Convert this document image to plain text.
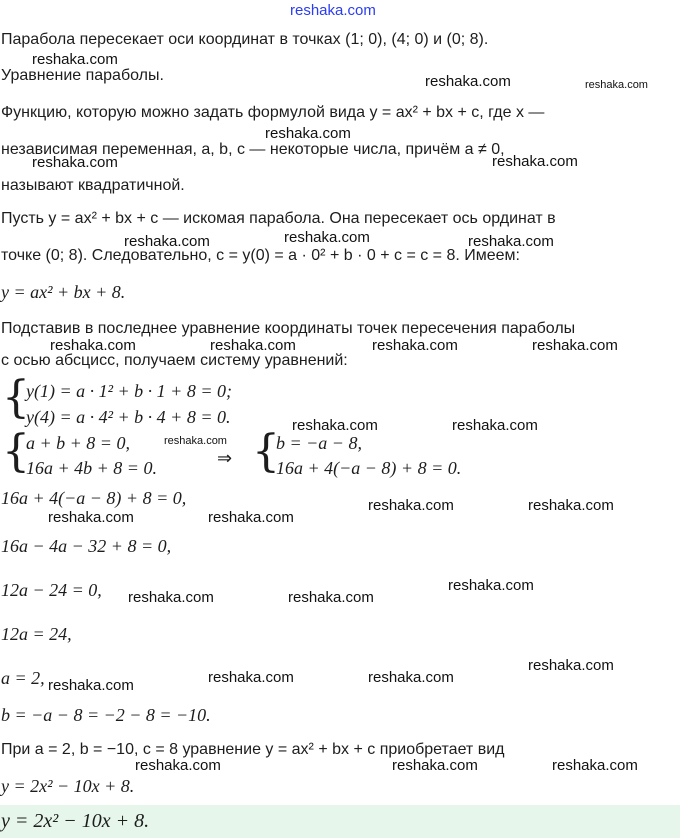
reshaka.com
Парабола пересекает оси координат в точках (1; 0), (4; 0) и (0; 8).
Уравнение параболы.
Функцию, которую можно задать формулой вида y = ax² + bx + c, где x —
независимая переменная, a, b, c — некоторые числа, причём a ≠ 0,
называют квадратичной.
Пусть y = ax² + bx + c — искомая парабола. Она пересекает ось ординат в
точке (0; 8). Следовательно, c = y(0) = a · 0² + b · 0 + c = c = 8. Имеем:
y = ax² + bx + 8.
Подставив в последнее уравнение координаты точек пересечения параболы
с осью абсцисс, получаем систему уравнений:
{
y(1) = a · 1² + b · 1 + 8 = 0;
y(4) = a · 4² + b · 4 + 8 = 0.
{
a + b + 8 = 0,
16a + 4b + 8 = 0.	⇒ {
b = −a − 8,
16a + 4(−a − 8) + 8 = 0.
16a + 4(−a − 8) + 8 = 0,
16a − 4a − 32 + 8 = 0,
12a − 24 = 0,
12a = 24,
a = 2,
b = −a − 8 = −2 − 8 = −10.
При a = 2, b = −10, c = 8 уравнение y = ax² + bx + c приобретает вид
y = 2x² − 10x + 8.
y = 2x² − 10x + 8.
reshaka.com
reshaka.com	reshaka.com
reshaka.com
reshaka.com	reshaka.com
reshaka.com	reshaka.com	reshaka.com
reshaka.com	reshaka.com	reshaka.com	reshaka.com
reshaka.com	reshaka.com
reshaka.com
reshaka.com	reshaka.com
reshaka.com	reshaka.com
reshaka.com
reshaka.com	reshaka.com
reshaka.com
reshaka.com	reshaka.com	reshaka.com
reshaka.com	reshaka.com	reshaka.com
